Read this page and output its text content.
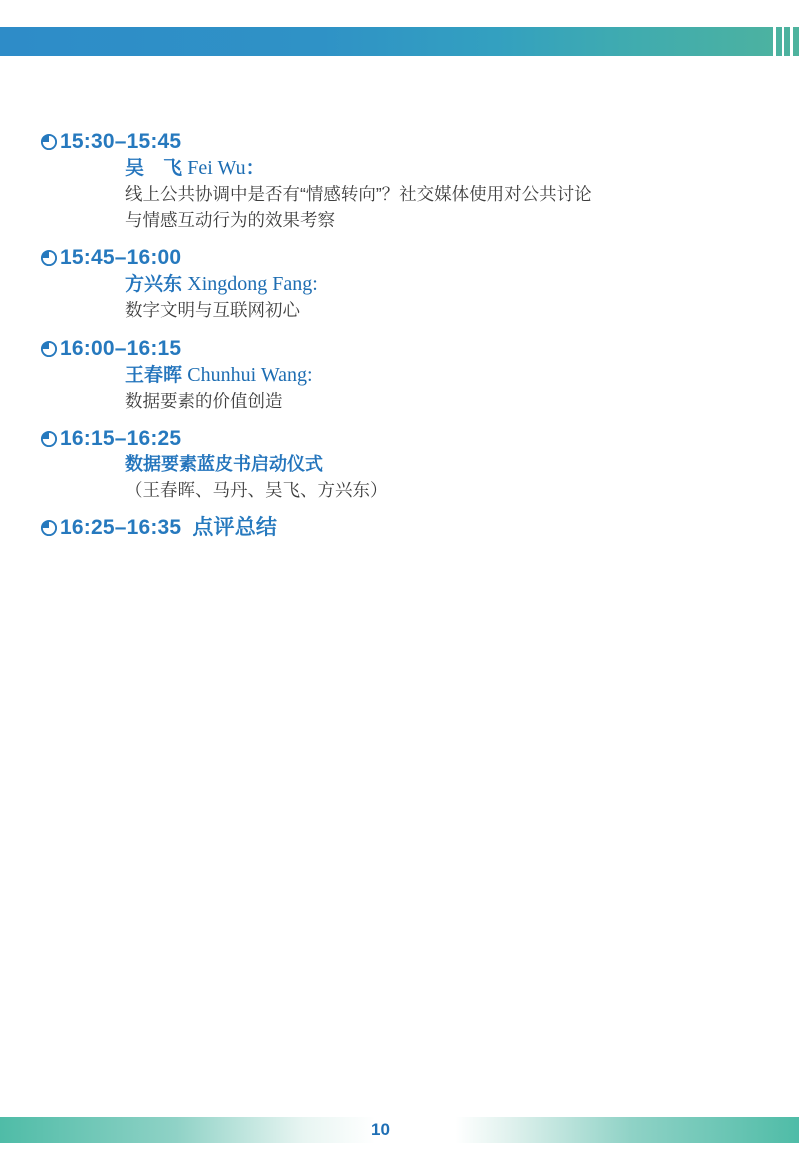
15:30–15:45
吴　飞 Fei Wu：
线上公共协调中是否有“情感转向”？社交媒体使用对公共讨论
与情感互动行为的效果考察
15:45–16:00
方兴东 Xingdong Fang:
数字文明与互联网初心
16:00–16:15
王春晖 Chunhui Wang:
数据要素的价值创造
16:15–16:25
数据要素蓝皮书启动仪式
（王春晖、马丹、吴飞、方兴东）
16:25–16:35 点评总结
10
